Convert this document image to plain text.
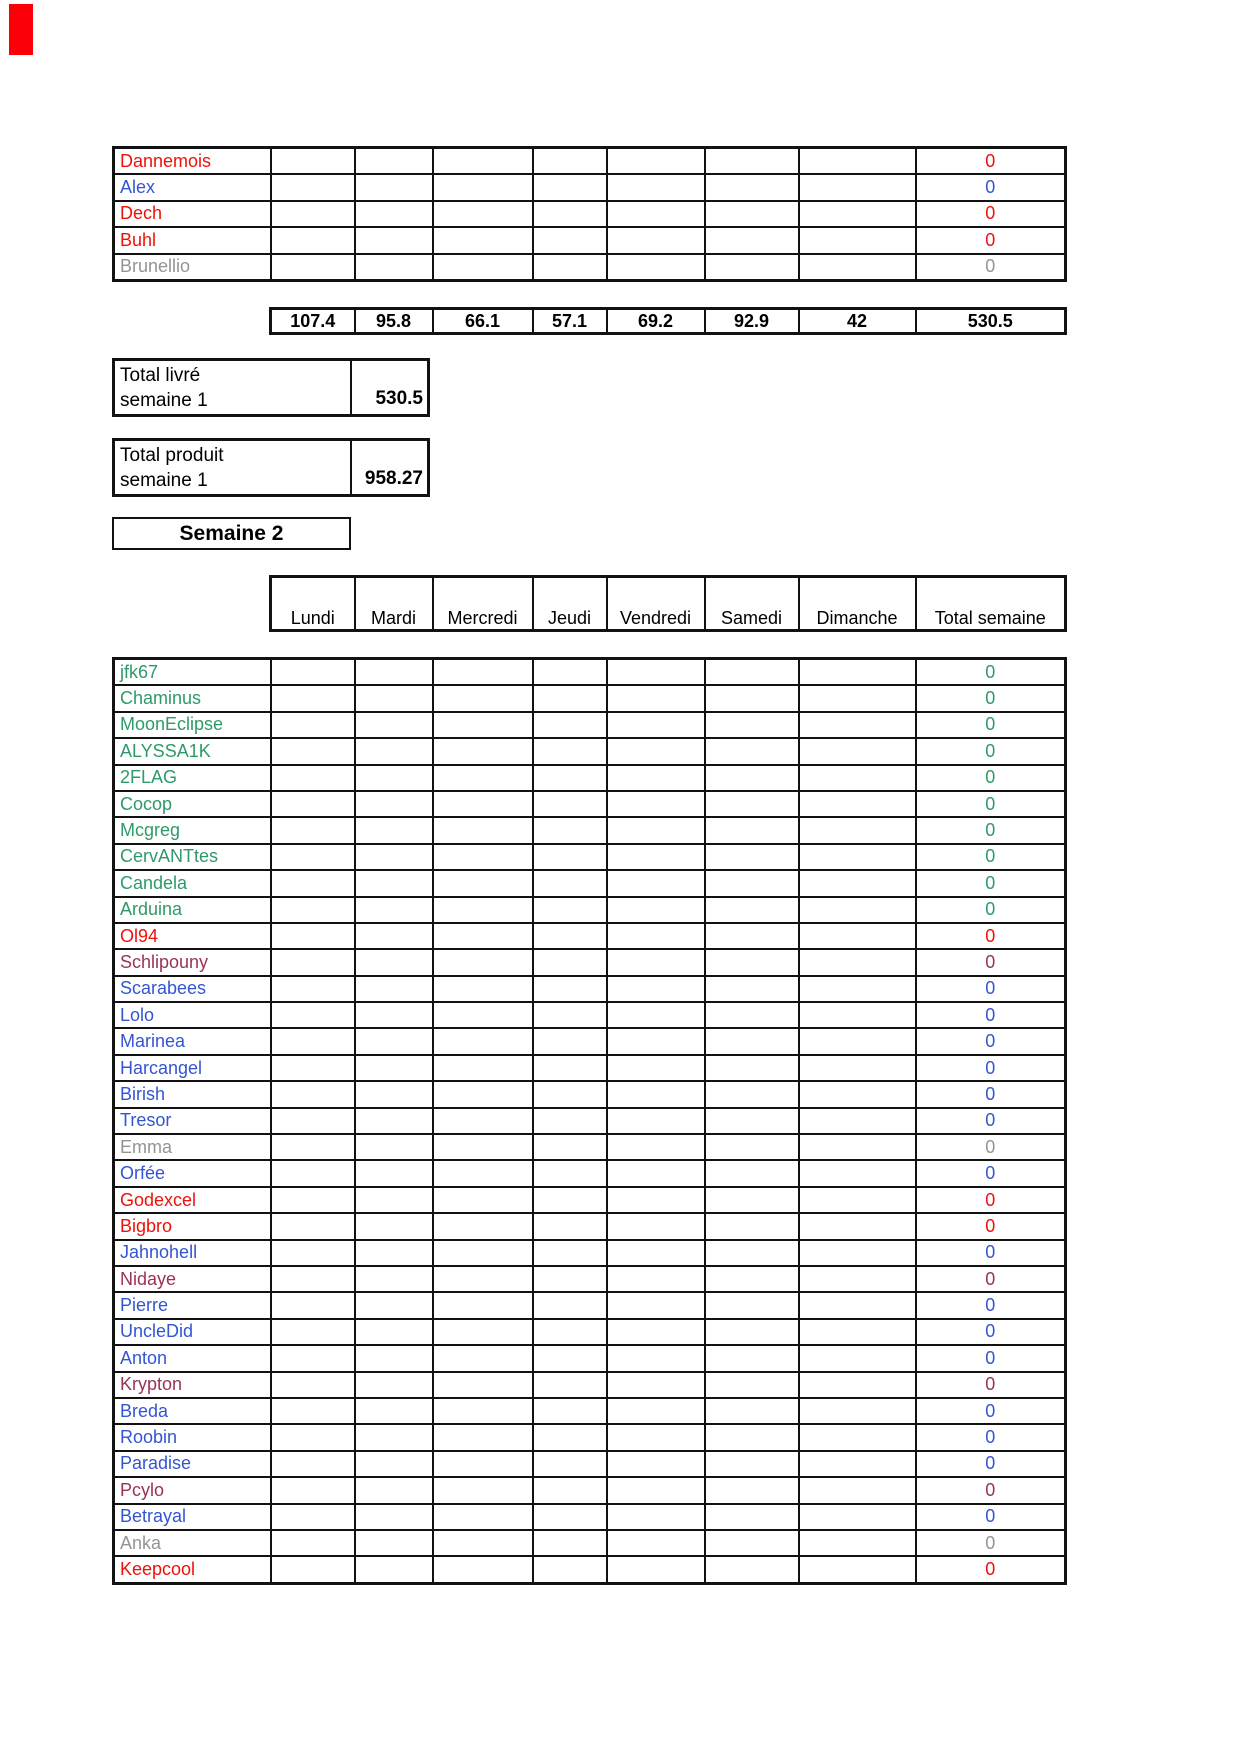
Dannemois								0
Alex								0
Dech								0
Buhl								0
Brunellio								0
107.4	95.8	66.1	57.1	69.2	92.9	42	530.5
Total livré
semaine 1	530.5
Total produit
semaine 1	958.27
Semaine 2
Lundi	Mardi	Mercredi	Jeudi	Vendredi	Samedi	Dimanche	Total semaine
jfk67								0
Chaminus								0
MoonEclipse								0
ALYSSA1K								0
2FLAG								0
Cocop								0
Mcgreg								0
CervANTtes								0
Candela								0
Arduina								0
Ol94								0
Schlipouny								0
Scarabees								0
Lolo								0
Marinea								0
Harcangel								0
Birish								0
Tresor								0
Emma								0
Orfée								0
Godexcel								0
Bigbro								0
Jahnohell								0
Nidaye								0
Pierre								0
UncleDid								0
Anton								0
Krypton								0
Breda								0
Roobin								0
Paradise								0
Pcylo								0
Betrayal								0
Anka								0
Keepcool								0
